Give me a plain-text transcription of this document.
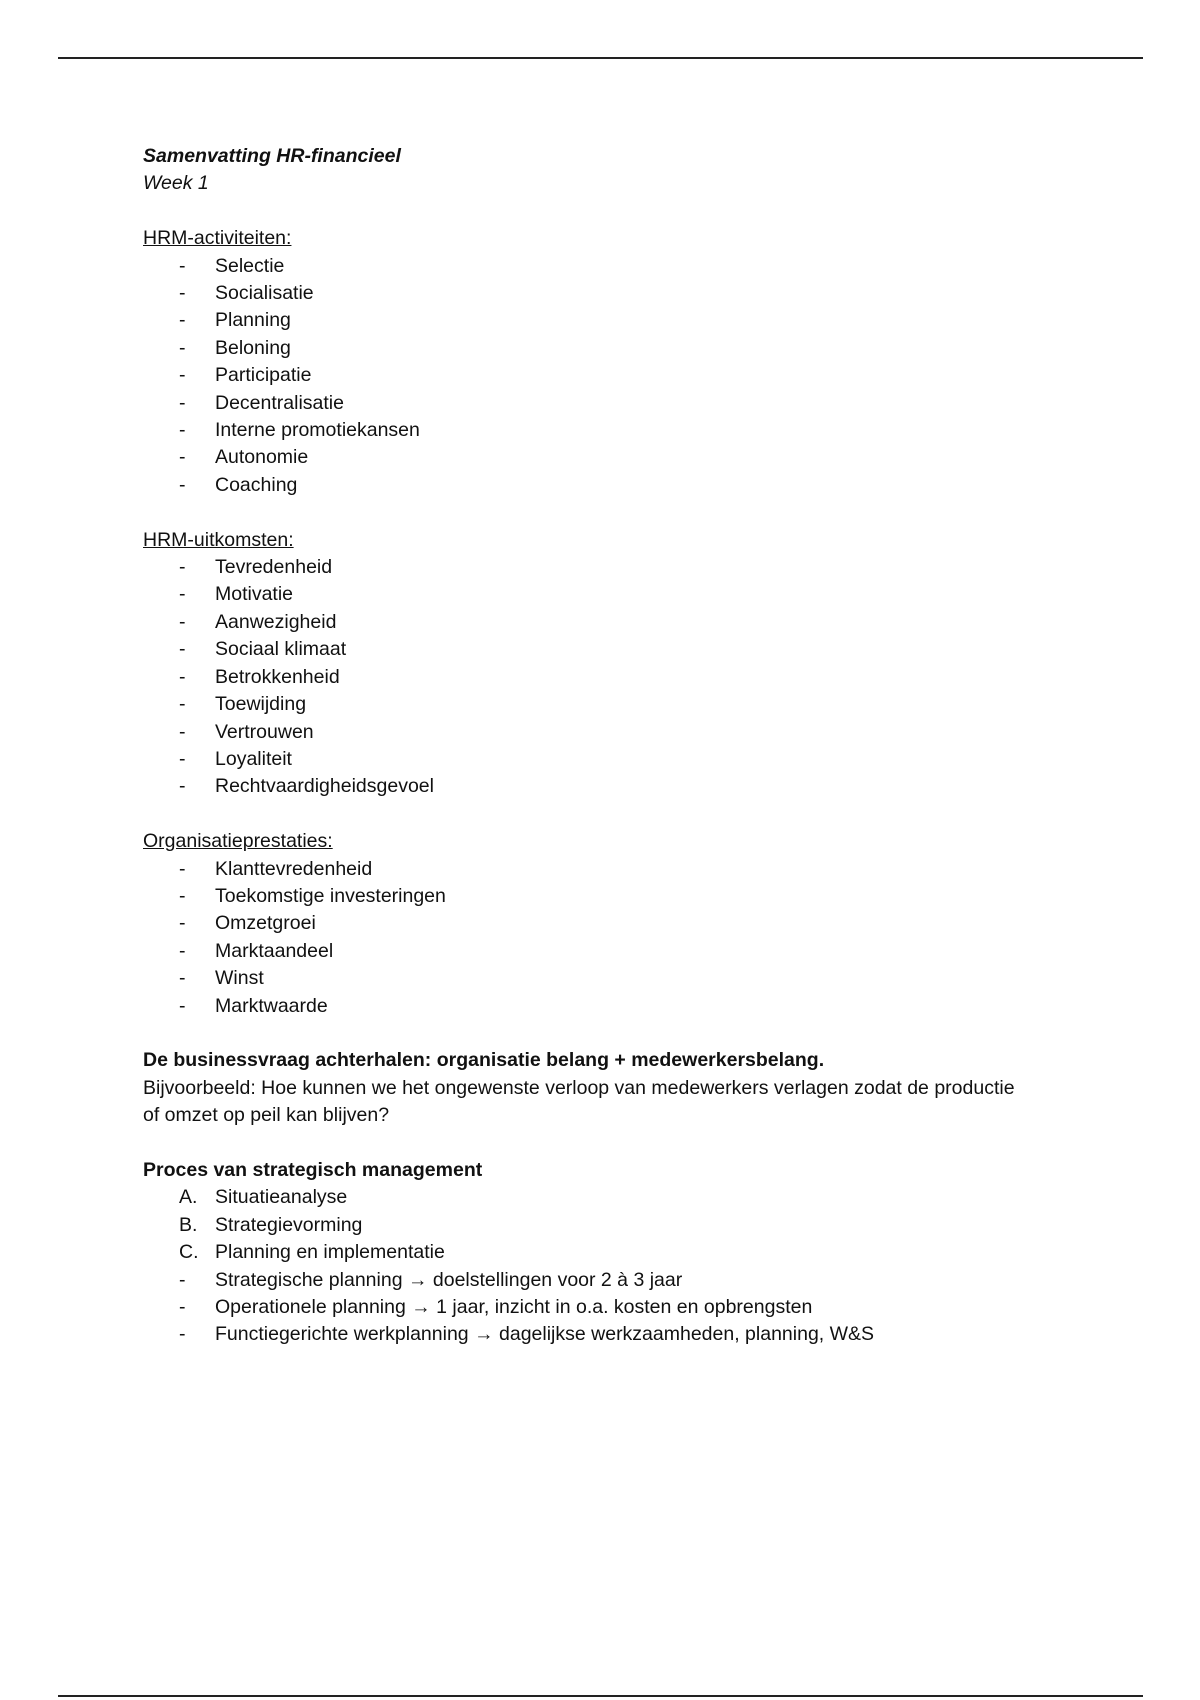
Samenvatting HR-financieel
Week 1
HRM-activiteiten:
- Selectie
- Socialisatie
- Planning
- Beloning
- Participatie
- Decentralisatie
- Interne promotiekansen
- Autonomie
- Coaching
HRM-uitkomsten:
- Tevredenheid
- Motivatie
- Aanwezigheid
- Sociaal klimaat
- Betrokkenheid
- Toewijding
- Vertrouwen
- Loyaliteit
- Rechtvaardigheidsgevoel
Organisatieprestaties:
- Klanttevredenheid
- Toekomstige investeringen
- Omzetgroei
- Marktaandeel
- Winst
- Marktwaarde
De businessvraag achterhalen: organisatie belang + medewerkersbelang.
Bijvoorbeeld: Hoe kunnen we het ongewenste verloop van medewerkers verlagen zodat de productie
of omzet op peil kan blijven?
Proces van strategisch management
A. Situatieanalyse
B. Strategievorming
C. Planning en implementatie
- Strategische planning → doelstellingen voor 2 à 3 jaar
- Operationele planning → 1 jaar, inzicht in o.a. kosten en opbrengsten
- Functiegerichte werkplanning → dagelijkse werkzaamheden, planning, W&S
